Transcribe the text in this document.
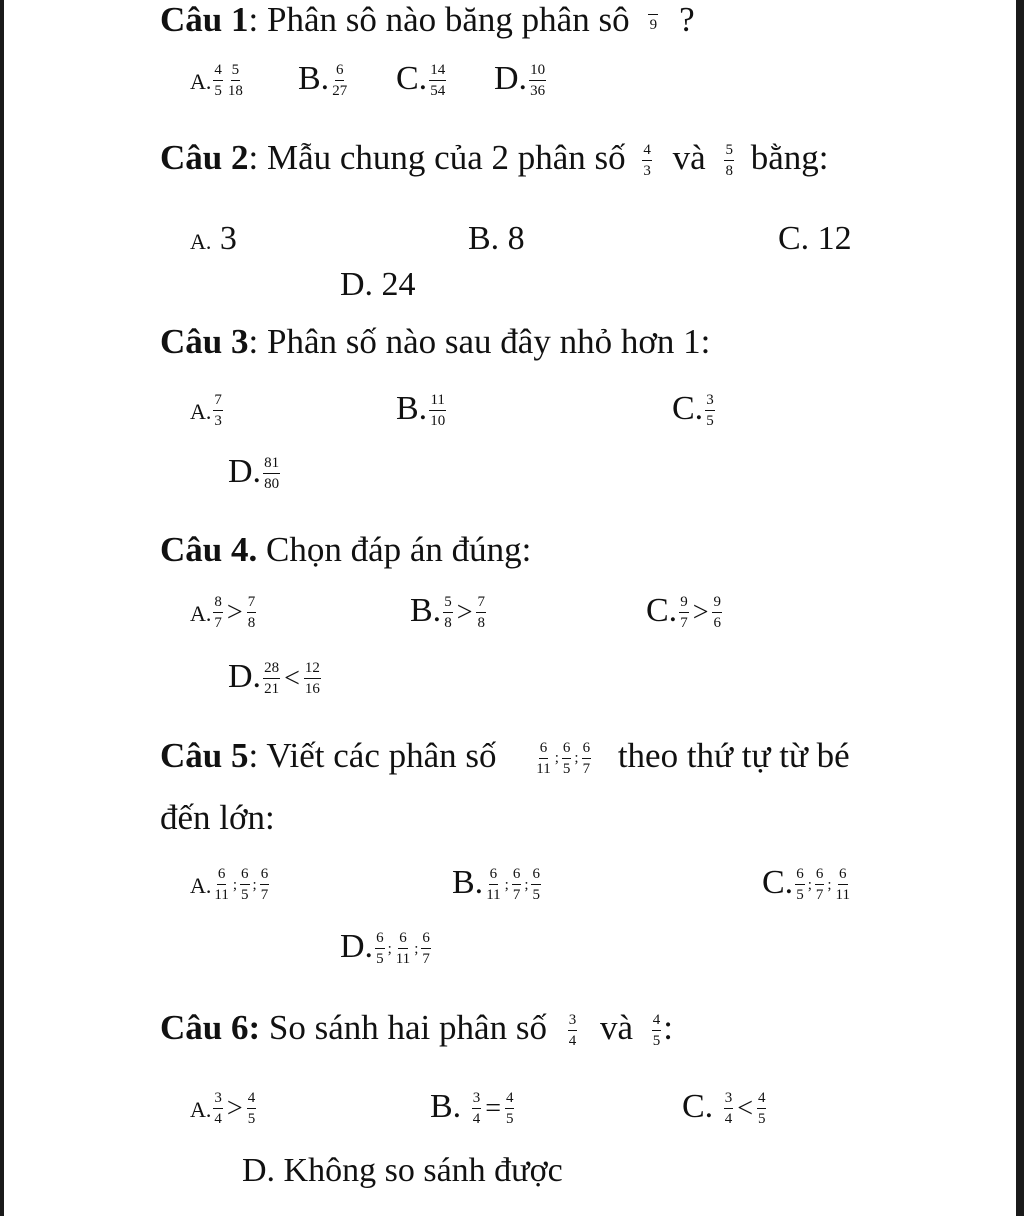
Câu 1: Phân sô nào băng phân sô 9 ?
A. $\frac{4}{5} \frac{5}{18} B$. $\frac{6}{27} C$. $\frac{14}{54} D$. $\frac{10}{36}$
Câu 2: Mẫu chung của 2 phân số $\frac{4}{3}$ và $\frac{5}{8}$ bằng:
A. 3	B. 8	C. 12
D. 24
Câu 3: Phân số nào sau đây nhỏ hơn 1:
A. $\frac{7}{3}$	B. $\frac{11}{10}$	C. $\frac{3}{5}$
D. $\frac{81}{80}$
Câu 4. Chọn đáp án đúng:
A. $\frac{8}{7} > \frac{7}{8}$	B. $\frac{5}{8} > \frac{7}{8}$	C. $\frac{9}{7} > \frac{9}{6}$
D. $\frac{28}{21} < \frac{12}{16}$
Câu 5: Viết các phân số	$\frac{6}{11}$ ; $\frac{6}{5}$ ; $\frac{6}{7}$ theo thứ tự từ bé
đến lớn:
A. $\frac{6}{11}$ ; $\frac{6}{5}$ ; $\frac{6}{7}$	B. $\frac{6}{11}$ ; $\frac{6}{7}$ ; $\frac{6}{5}$	C. $\frac{6}{5}$ ; $\frac{6}{7}$ ; $\frac{6}{11}$
D. $\frac{6}{5}$ ; $\frac{6}{11}$ ; $\frac{6}{7}$
Câu 6: So sánh hai phân số $\frac{3}{4}$ và $\frac{4}{5}$ :
A. $\frac{3}{4} > \frac{4}{5}$	B. $\frac{3}{4} = \frac{4}{5}$	C. $\frac{3}{4} < \frac{4}{5}$
D. Không so sánh được
